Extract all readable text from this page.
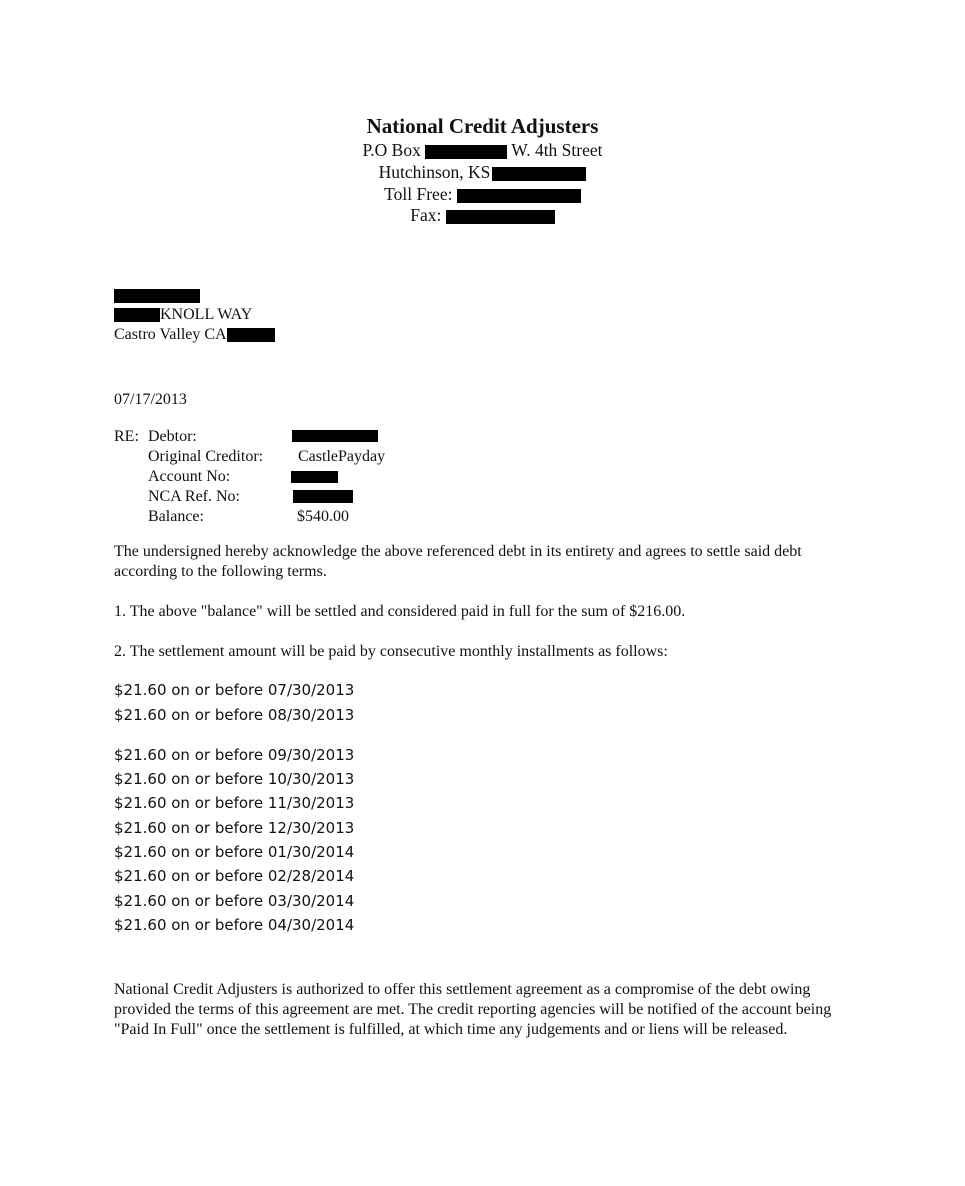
National Credit Adjusters
P.O Box	W. 4th Street
Hutchinson, KS
Toll Free:
Fax:
KNOLL WAY
Castro Valley CA
07/17/2013
RE: Debtor:
Original Creditor: CastlePayday
Account No:
NCA Ref. No:
Balance:	$540.00
The undersigned hereby acknowledge the above referenced debt in its entirety and agrees to settle said debt according to the following terms.
1. The above "balance" will be settled and considered paid in full for the sum of $216.00.
2. The settlement amount will be paid by consecutive monthly installments as follows:
$21.60 on or before 07/30/2013
$21.60 on or before 08/30/2013
$21.60 on or before 09/30/2013
$21.60 on or before 10/30/2013
$21.60 on or before 11/30/2013
$21.60 on or before 12/30/2013
$21.60 on or before 01/30/2014
$21.60 on or before 02/28/2014
$21.60 on or before 03/30/2014
$21.60 on or before 04/30/2014
National Credit Adjusters is authorized to offer this settlement agreement as a compromise of the debt owing provided the terms of this agreement are met. The credit reporting agencies will be notified of the account being "Paid In Full" once the settlement is fulfilled, at which time any judgements and or liens will be released.
